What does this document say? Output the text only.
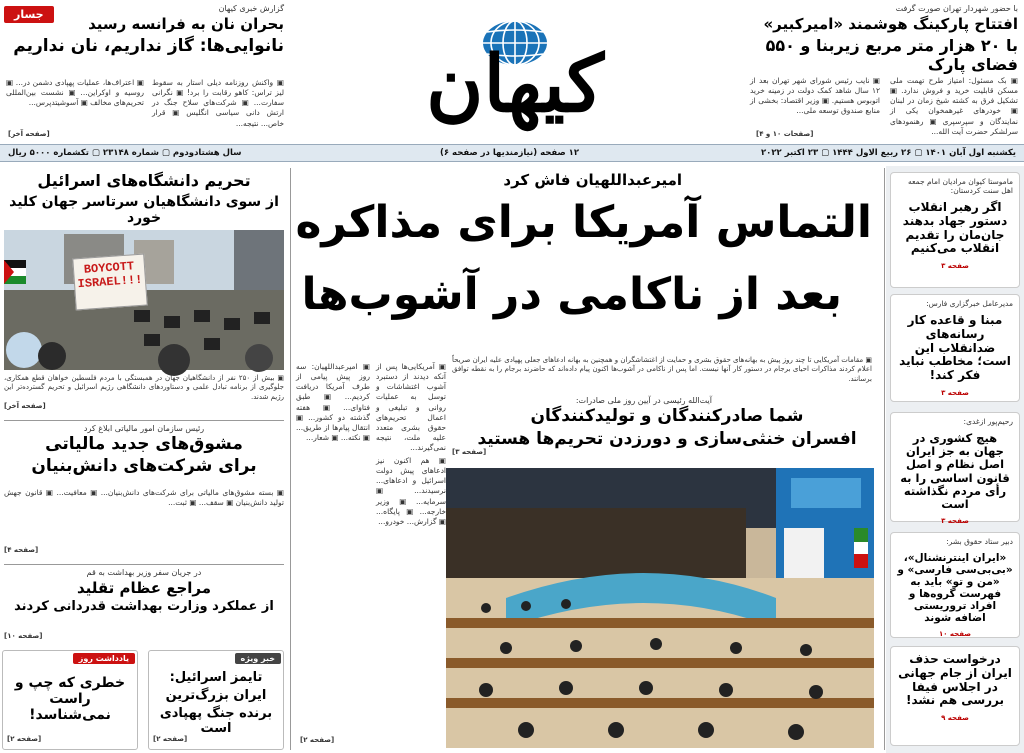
با حضور شهردار تهران صورت گرفت
افتتاح پارکینگ هوشمند «امیرکبیر»
با ۲۰ هزار متر مربع زیربنا و ۵۵۰ فضای پارک
▣ بک مسئول: امتیاز طرح تهمت ملی مسکن قابلیت خرید و فروش ندارد. ▣ تشکیل فرق به کشته شیخ زمان در لبنان ▣ خودرهای غیرهمخوان یکی از نمایندگان و سپرسپری ▣ رهنمودهای سرلشکر حضرت آیت الله...
▣ نایب رئیس شورای شهر تهران بعد از ۱۲ سال شاهد کمک دولت در زمینه خرید اتوبوس هستیم. ▣ وزیر اقتصاد: بخشی از منابع صندوق توسعه ملی...
[صفحات ۱۰ و ۴]
کیهان
جسار	گزارش خبری کیهان
بحران نان به فرانسه رسید
نانوایی‌ها: گاز نداریم، نان نداریم
▣ واکنش روزنامه دیلی استار به سقوط لیز تراس: کاهو رقابت را برد! ▣ نگرانی سفارت... ▣ شرکت‌های سلاح جنگ در ارتش دانی سیاسی انگلیس ▣ قرار خاص... نتیجه...
▣ اعتراف‌ها، عملیات پهپادی دشمن در... ▣ روسیه و اوکراین... ▣ نشست بین‌المللی تحریم‌های مخالف ▣ آسوشیتدپرس...
[صفحه آخر]
یکشنبه اول آبان ۱۴۰۱ ▢ ۲۶ ربیع الاول ۱۴۴۴ ▢ ۲۳ اکتبر ۲۰۲۲
۱۲ صفحه (نیازمندیها در صفحه ۶)
سال هشتادودوم ▢ شماره ۲۳۱۴۸ ▢ تکشماره ۵۰۰۰ ریال
ماموستا کیوان مرادیان امام جمعه اهل سنت کردستان:
اگر رهبر انقلاب دستور جهاد بدهند جان‌مان را تقدیم انقلاب می‌کنیم
صفحه ۳
مدیرعامل خبرگزاری فارس:
مبنا و قاعده کار رسانه‌های ضدانقلاب این است؛ مخاطب نباید فکر کند!
صفحه ۳
رحیم‌پور ازغدی:
هیچ کشوری در جهان به جز ایران اصل نظام و اصل قانون اساسی را به رأی مردم نگذاشته است
صفحه ۳
دبیر ستاد حقوق بشر:
«ایران اینترنشنال»، «بی‌بی‌سی فارسی» و «من و تو» باید به فهرست گروه‌ها و افراد تروریستی اضافه شوند
صفحه ۱۰
درخواست حذف ایران از جام جهانی در اجلاس فیفا بررسی هم نشد!
صفحه ۹
امیرعبداللهیان فاش کرد
التماس آمریکا برای مذاکره
بعد از ناکامی در آشوب‌ها
▣ مقامات آمریکایی تا چند روز پیش به بهانه‌های حقوق بشری و حمایت از اغتشاشگران و همچنین به بهانه ادعاهای جعلی پهپادی علیه ایران صریحاً اعلام کردند مذاکرات احیای برجام در دستور کار آنها نیست. اما پس از ناکامی در آشوب‌ها اکنون پیام داده‌اند که حاضرند برجام را به نقطه توافق برسانند.
▣ آمریکایی‌ها پس از آنکه دیدند از دستبرد آشوب اغتشاشات و توسل به عملیات روانی و تبلیغی و اعمال تحریم‌های حقوق بشری متعدد علیه ملت، نتیجه نمی‌گیرند...
▣ امیرعبداللهیان: سه روز پیش پیامی از طرف آمریکا دریافت کردیم... ▣ طبق فتاوای... ▣ هفته گذشته دو کشور... ▣ انتقال پیام‌ها از طریق... ▣ نکته... ▣ شعار...
▣ هم اکنون نیز ادعاهای پیش دولت اسرائیل و ادعاهای... نرسیدند... ▣ سرمایه... ▣ وزیر خارجه... ▣ پایگاه... ▣ گزارش... خودرو...
[صفحه ۲]
آیت‌الله رئیسی در آیین روز ملی صادرات:
شما صادرکنندگان و تولیدکنندگان
افسران خنثی‌سازی و دورزدن تحریم‌ها هستید
[صفحه ۳]
تحریم دانشگاه‌های اسرائیل
از سوی دانشگاهیان سرتاسر جهان کلید خورد
BOYCOTT ISRAEL!!!
▣ بیش از ۲۵۰ نفر از دانشگاهیان جهان در همبستگی با مردم فلسطین خواهان قطع همکاری، جلوگیری از برنامه تبادل علمی و دستاوردهای دانشگاهی رژیم اسرائیل و تحریم گسترده‌تر این رژیم شدند.
[صفحه آخر]
رئیس سازمان امور مالیاتی ابلاغ کرد
مشوق‌های جدید مالیاتی
برای شرکت‌های دانش‌بنیان
▣ بسته مشوق‌های مالیاتی برای شرکت‌های دانش‌بنیان... ▣ معافیت... ▣ قانون جهش تولید دانش‌بنیان ▣ سقف... ▣ ثبت...
[صفحه ۴]
در جریان سفر وزیر بهداشت به قم
مراجع عظام تقلید
از عملکرد وزارت بهداشت قدردانی کردند
[صفحه ۱۰]
یادداشت روز
خطری که چپ و راست نمی‌شناسد!
[صفحه ۲]
خبر ویژه
تایمز اسرائیل:
ایران بزرگ‌ترین
برنده جنگ پهپادی است
[صفحه ۲]
